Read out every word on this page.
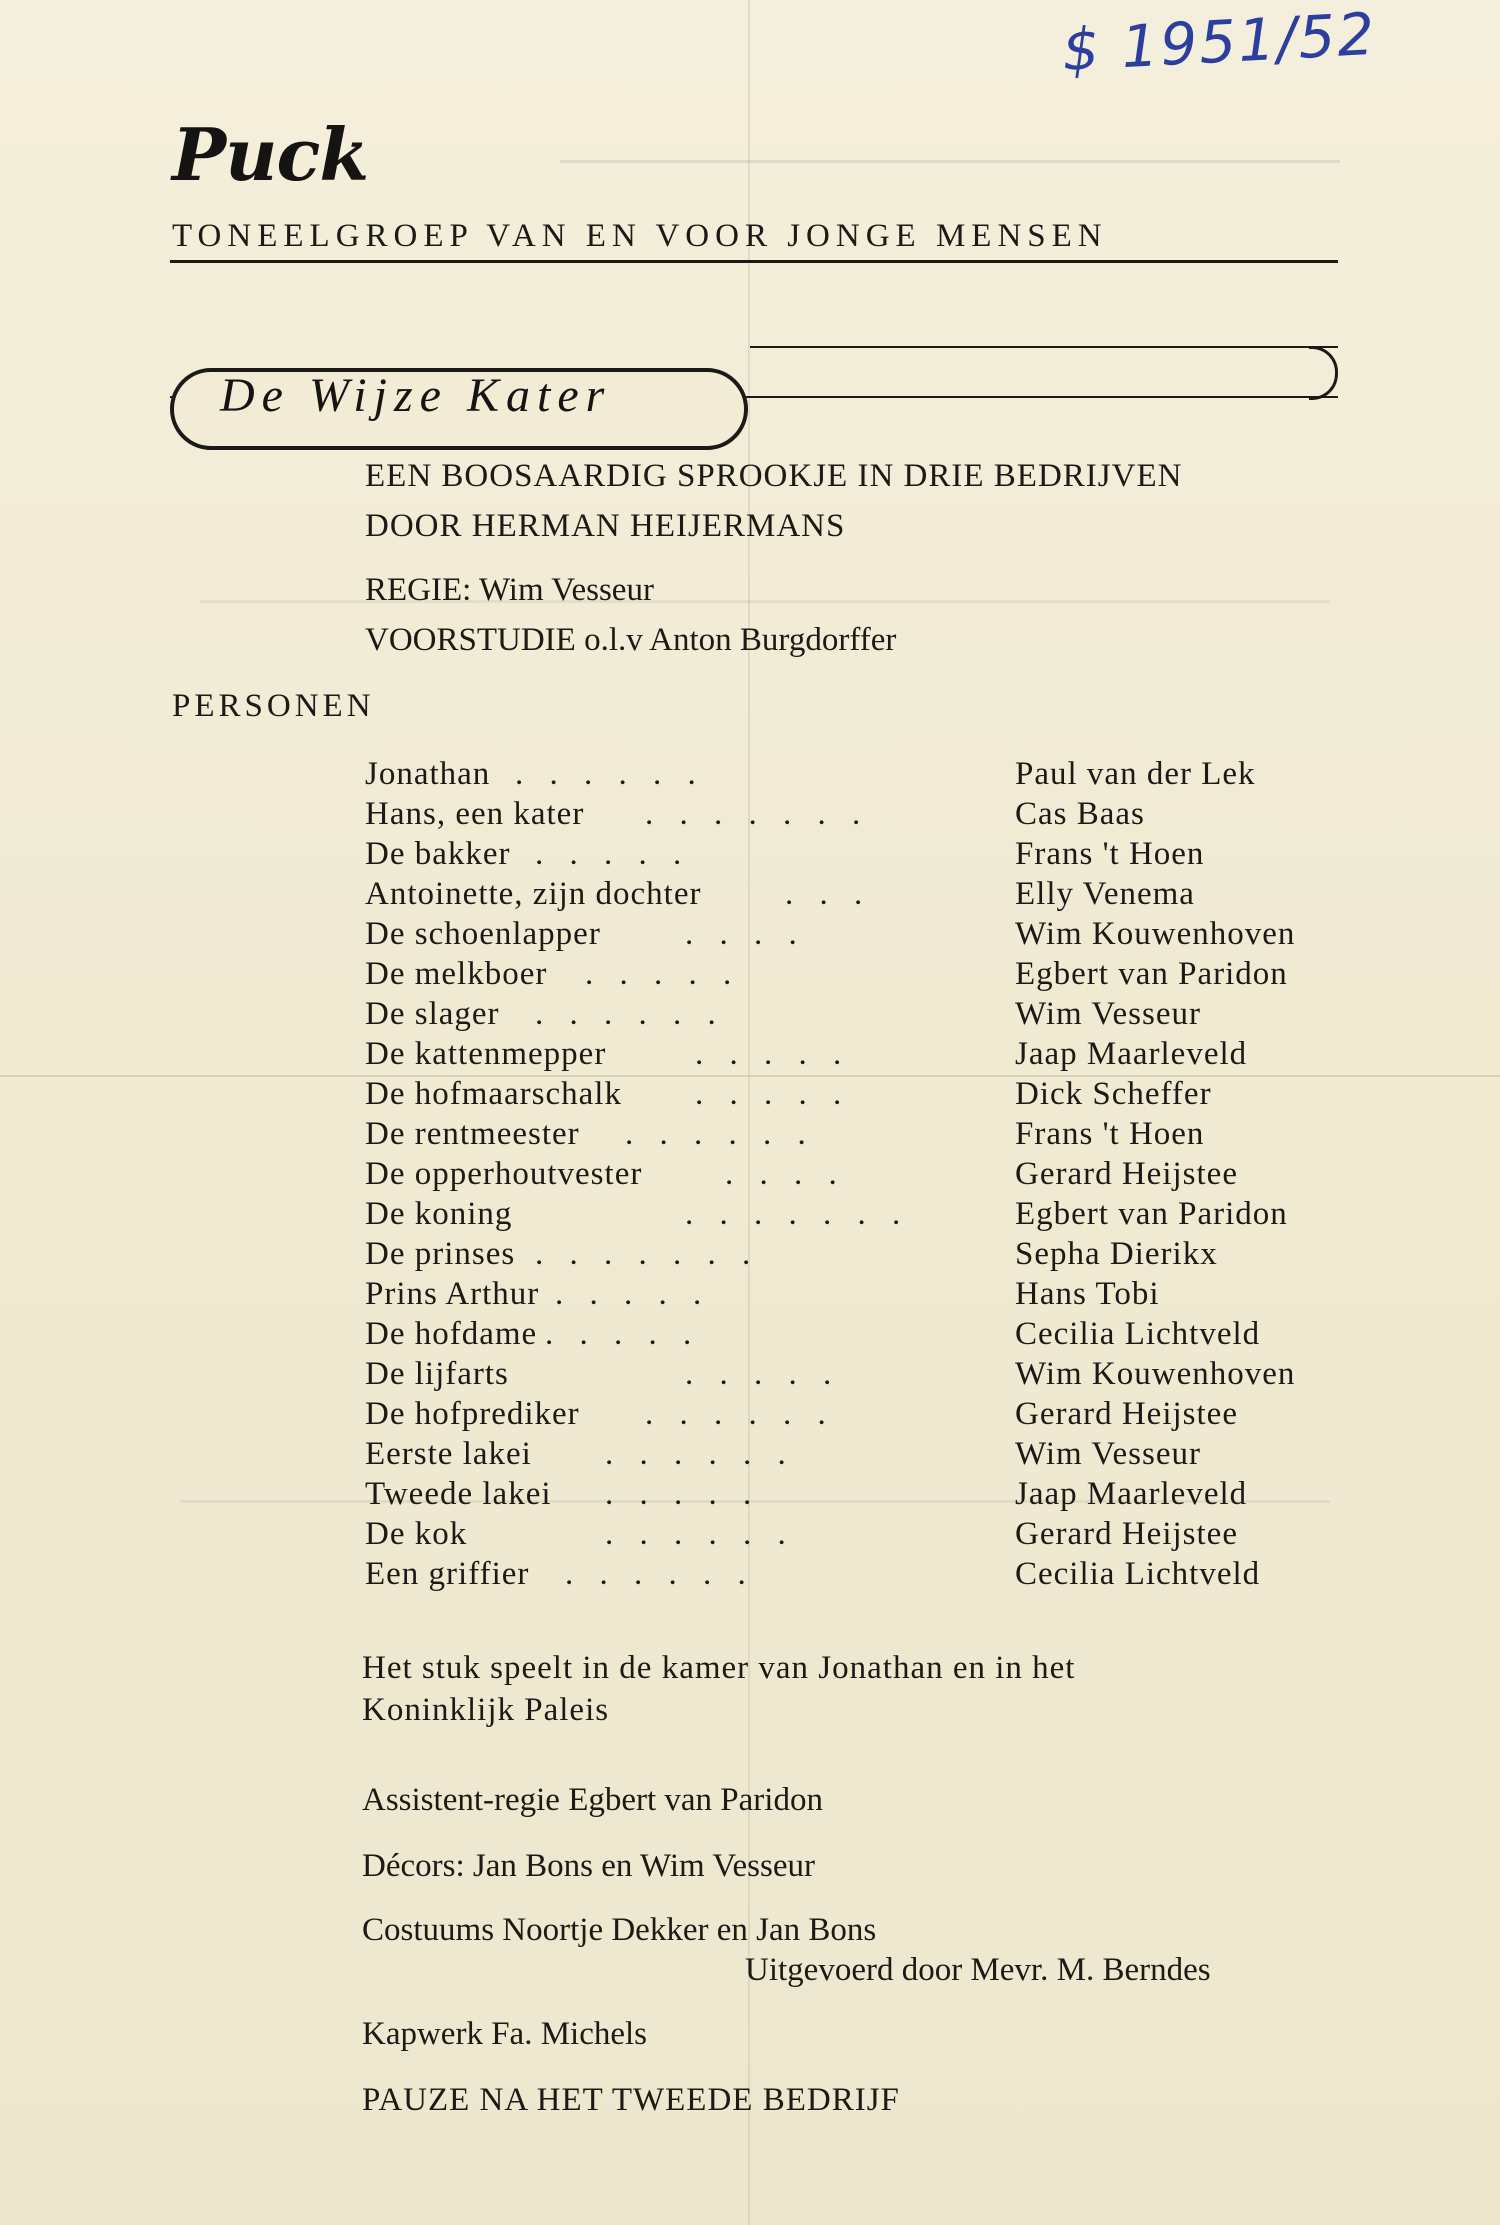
$ 1951/52
Puck
TONEELGROEP VAN EN VOOR JONGE MENSEN
De Wijze Kater
EEN BOOSAARDIG SPROOKJE IN DRIE BEDRIJVEN
DOOR HERMAN HEIJERMANS
REGIE: Wim Vesseur
VOORSTUDIE o.l.v Anton Burgdorffer
PERSONEN
Jonathan . . . . . .	Paul van der Lek
Hans, een kater . . . . . . .	Cas Baas
De bakker . . . . .	Frans 't Hoen
Antoinette, zijn dochter	. . .	Elly Venema
De schoenlapper	. . . .	Wim Kouwenhoven
De melkboer . . . . .	Egbert van Paridon
De slager . . . . . .	Wim Vesseur
De kattenmepper	. . . . .	Jaap Maarleveld
De hofmaarschalk . . . . .	Dick Scheffer
De rentmeester . . . . . .	Frans 't Hoen
De opperhoutvester	. . . .	Gerard Heijstee
De koning	. . . . . . .	Egbert van Paridon
De prinses . . . . . . .	Sepha Dierikx
Prins Arthur . . . . .	Hans Tobi
De hofdame . . . . .	Cecilia Lichtveld
De lijfarts	. . . . .	Wim Kouwenhoven
De hofprediker . . . . . .	Gerard Heijstee
Eerste lakei . . . . . .	Wim Vesseur
Tweede lakei . . . . .	Jaap Maarleveld
De kok	. . . . . .	Gerard Heijstee
Een griffier . . . . . .	Cecilia Lichtveld
Het stuk speelt in de kamer van Jonathan en in het
Koninklijk Paleis
Assistent-regie Egbert van Paridon
Décors: Jan Bons en Wim Vesseur
Costuums Noortje Dekker en Jan Bons
Uitgevoerd door Mevr. M. Berndes
Kapwerk Fa. Michels
PAUZE NA HET TWEEDE BEDRIJF
